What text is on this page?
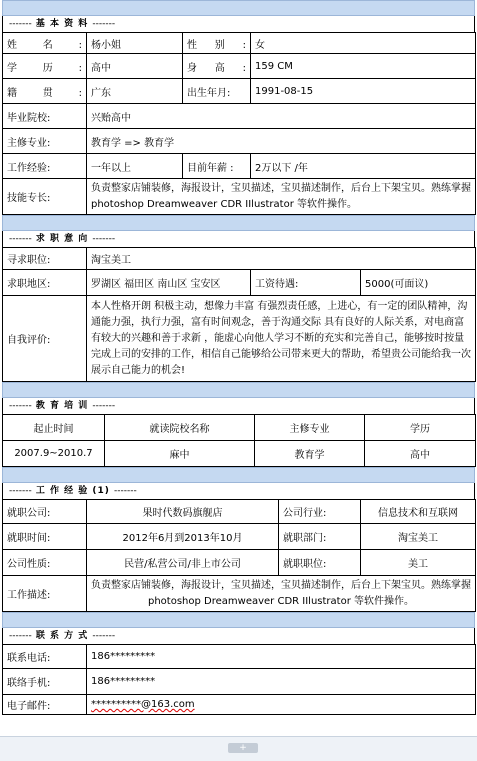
------- 基 本 资 料 -------
姓名:	杨小姐	性别:	女
学历:	高中	身高:	159 CM
籍贯:	广东	出生年月:	1991-08-15
毕业院校:	兴贻高中		
主修专业:	教育学 => 教育学		
工作经验:	一年以上	目前年薪 :	2万以下 /年
技能专长:	负责整家店铺装修，海报设计，宝贝描述，宝贝描述制作，后台上下架宝贝。熟练掌握 photoshop Dreamweaver CDR IIlustrator 等软件操作。		
------- 求 职 意 向 -------
寻求职位:	淘宝美工		
求职地区:	罗湖区 福田区 南山区 宝安区	工资待遇:	5000(可面议)
自我评价:	本人性格开朗 积极主动，想像力丰富 有强烈责任感，上进心，有一定的团队精神，沟通能力强，执行力强，富有时间观念，善于沟通交际 具有良好的人际关系，对电商富有较大的兴趣和善于求新 ，能虚心向他人学习不断的充实和完善自己，能够按时按量完成上司的安排的工作，相信自己能够给公司带来更大的帮助，希望贵公司能给我一次展示自己能力的机会!		
------- 教 育 培 训 -------
起止时间	就读院校名称	主修专业	学历
2007.9~2010.7	麻中	教育学	高中
------- 工 作 经 验 (1) -------
就职公司:	果时代数码旗舰店	公司行业:	信息技术和互联网
就职时间:	2012年6月到2013年10月	就职部门:	淘宝美工
公司性质:	民营/私营公司/非上市公司	就职职位:	美工
工作描述:	负责整家店铺装修，海报设计，宝贝描述，宝贝描述制作，后台上下架宝贝。熟练掌握 photoshop Dreamweaver CDR IIlustrator 等软件操作。		
------- 联 系 方 式 -------
联系电话:	186*********
联络手机:	186*********
电子邮件:	**********@163.com
+
